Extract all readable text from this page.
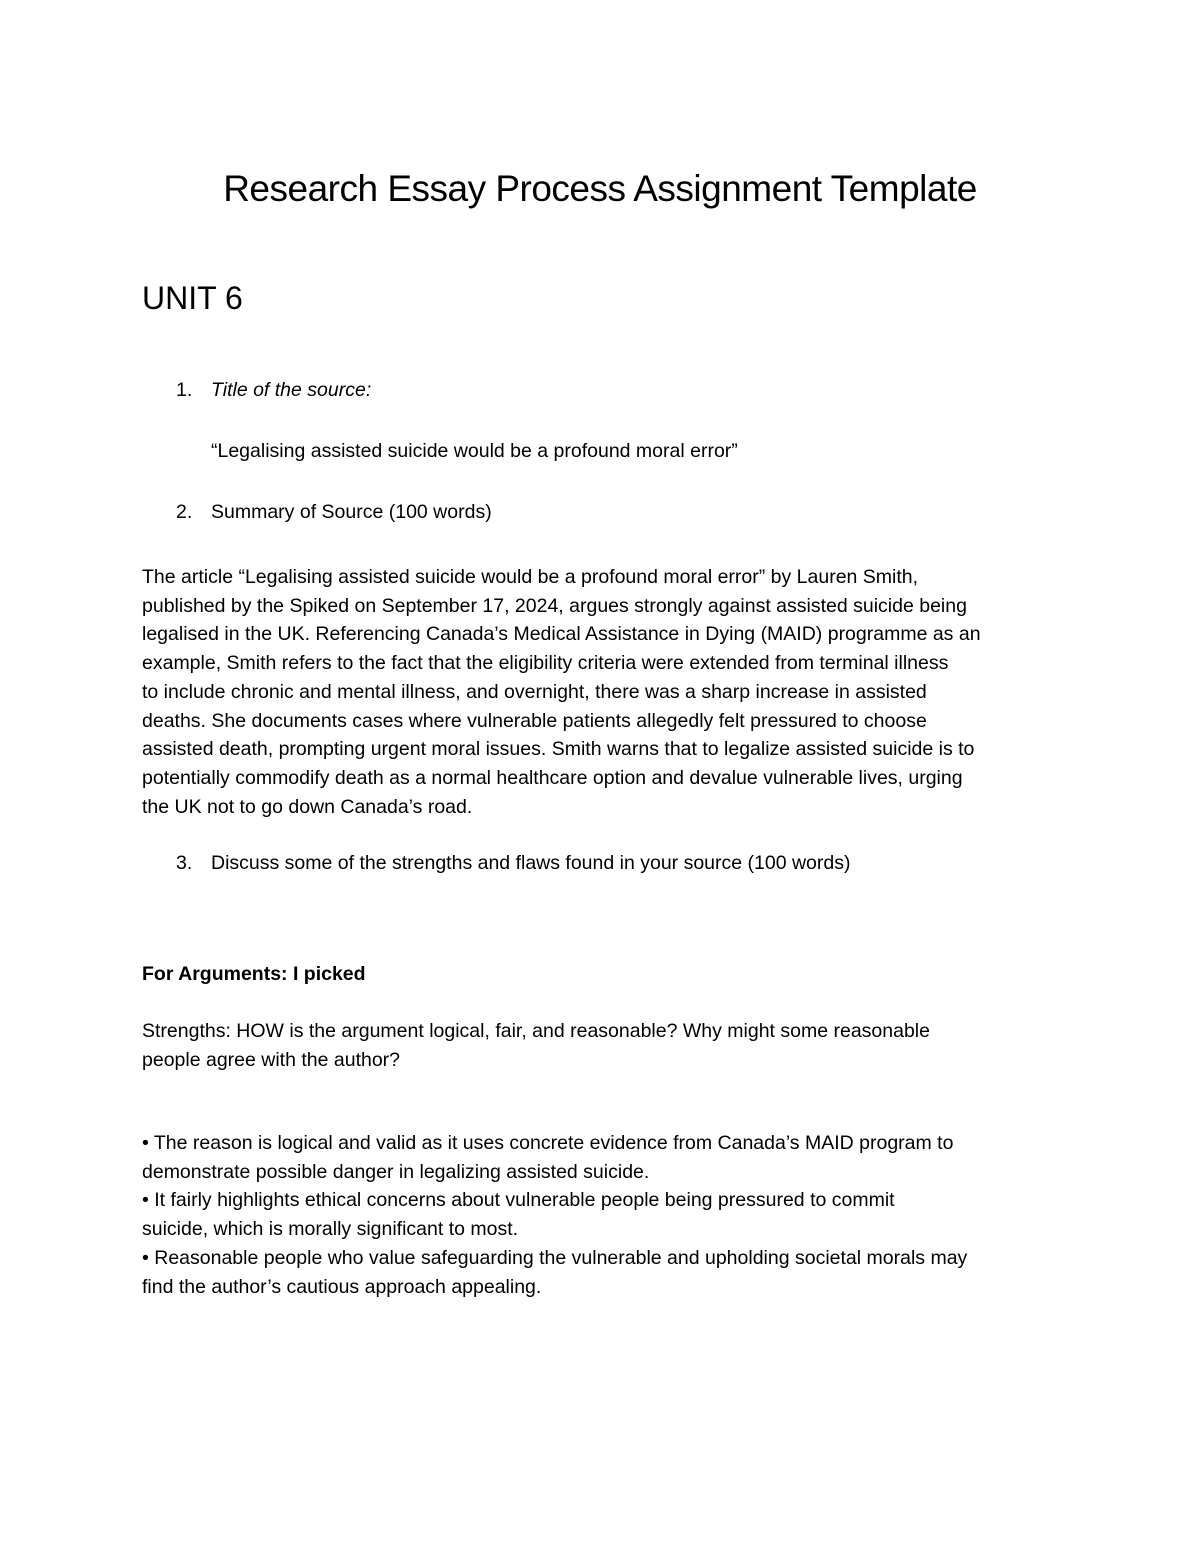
Research Essay Process Assignment Template
UNIT 6
1. Title of the source:
“Legalising assisted suicide would be a profound moral error”
2. Summary of Source (100 words)
The article “Legalising assisted suicide would be a profound moral error” by Lauren Smith,
published by the Spiked on September 17, 2024, argues strongly against assisted suicide being
legalised in the UK. Referencing Canada’s Medical Assistance in Dying (MAID) programme as an
example, Smith refers to the fact that the eligibility criteria were extended from terminal illness
to include chronic and mental illness, and overnight, there was a sharp increase in assisted
deaths. She documents cases where vulnerable patients allegedly felt pressured to choose
assisted death, prompting urgent moral issues. Smith warns that to legalize assisted suicide is to
potentially commodify death as a normal healthcare option and devalue vulnerable lives, urging
the UK not to go down Canada’s road.
3. Discuss some of the strengths and flaws found in your source (100 words)
For Arguments: I picked
Strengths: HOW is the argument logical, fair, and reasonable? Why might some reasonable
people agree with the author?
• The reason is logical and valid as it uses concrete evidence from Canada’s MAID program to
demonstrate possible danger in legalizing assisted suicide.
• It fairly highlights ethical concerns about vulnerable people being pressured to commit
suicide, which is morally significant to most.
• Reasonable people who value safeguarding the vulnerable and upholding societal morals may
find the author’s cautious approach appealing.
